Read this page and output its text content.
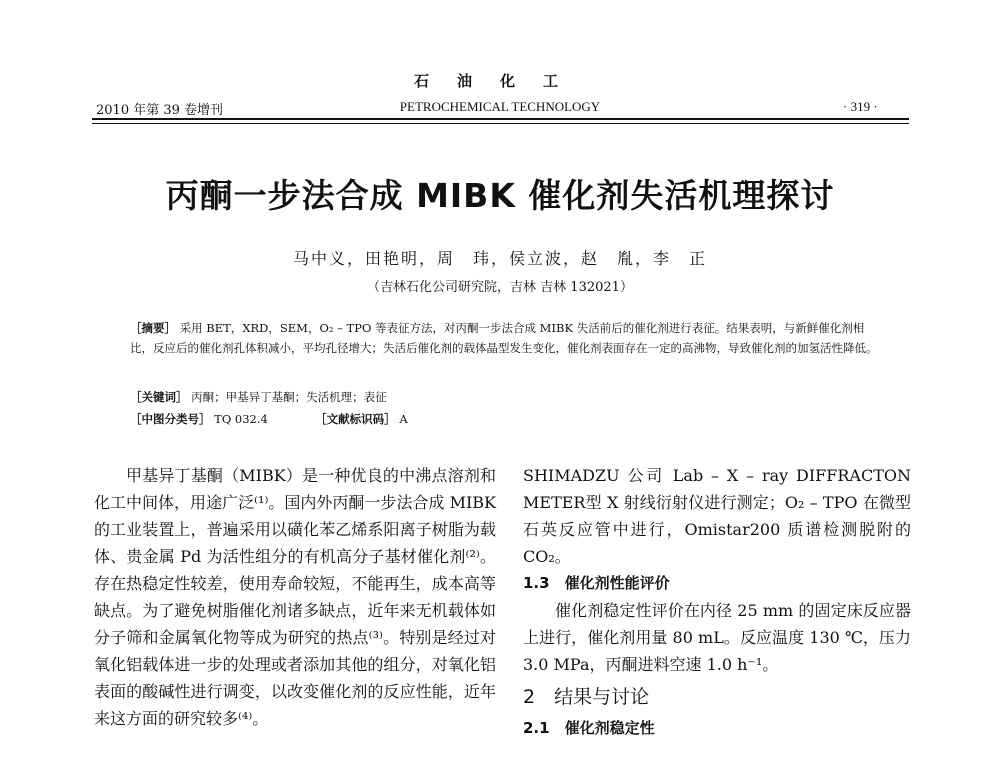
石油化工
2010 年第 39 卷增刊	PETROCHEMICAL TECHNOLOGY	· 319 ·
丙酮一步法合成 MIBK 催化剂失活机理探讨
马中义，田艳明，周　玮，侯立波，赵　胤，李　正
（吉林石化公司研究院，吉林 吉林 132021）
［摘要］ 采用 BET，XRD，SEM，O₂ – TPO 等表征方法，对丙酮一步法合成 MIBK 失活前后的催化剂进行表征。结果表明，与新鲜催化剂相比，反应后的催化剂孔体积减小，平均孔径增大；失活后催化剂的载体晶型发生变化，催化剂表面存在一定的高沸物，导致催化剂的加氢活性降低。
［关键词］ 丙酮；甲基异丁基酮；失活机理；表征
［中图分类号］ TQ 032.4	［文献标识码］ A

甲基异丁基酮（MIBK）是一种优良的中沸点溶剂和化工中间体，用途广泛⁽¹⁾。国内外丙酮一步法合成 MIBK 的工业装置上，普遍采用以磺化苯乙烯系阳离子树脂为载体、贵金属 Pd 为活性组分的有机高分子基材催化剂⁽²⁾。存在热稳定性较差，使用寿命较短，不能再生，成本高等缺点。为了避免树脂催化剂诸多缺点，近年来无机载体如分子筛和金属氧化物等成为研究的热点⁽³⁾。特别是经过对氧化铝载体进一步的处理或者添加其他的组分，对氧化铝表面的酸碱性进行调变，以改变催化剂的反应性能，近年来这方面的研究较多⁽⁴⁾。

SHIMADZU 公司 Lab – X – ray DIFFRACTON METER型 X 射线衍射仪进行测定；O₂ – TPO 在微型石英反应管中进行，Omistar200 质谱检测脱附的 CO₂。

1.3　催化剂性能评价

催化剂稳定性评价在内径 25 mm 的固定床反应器上进行，催化剂用量 80 mL。反应温度 130 ℃，压力 3.0 MPa，丙酮进料空速 1.0 h⁻¹。

2　结果与讨论

2.1　催化剂稳定性
